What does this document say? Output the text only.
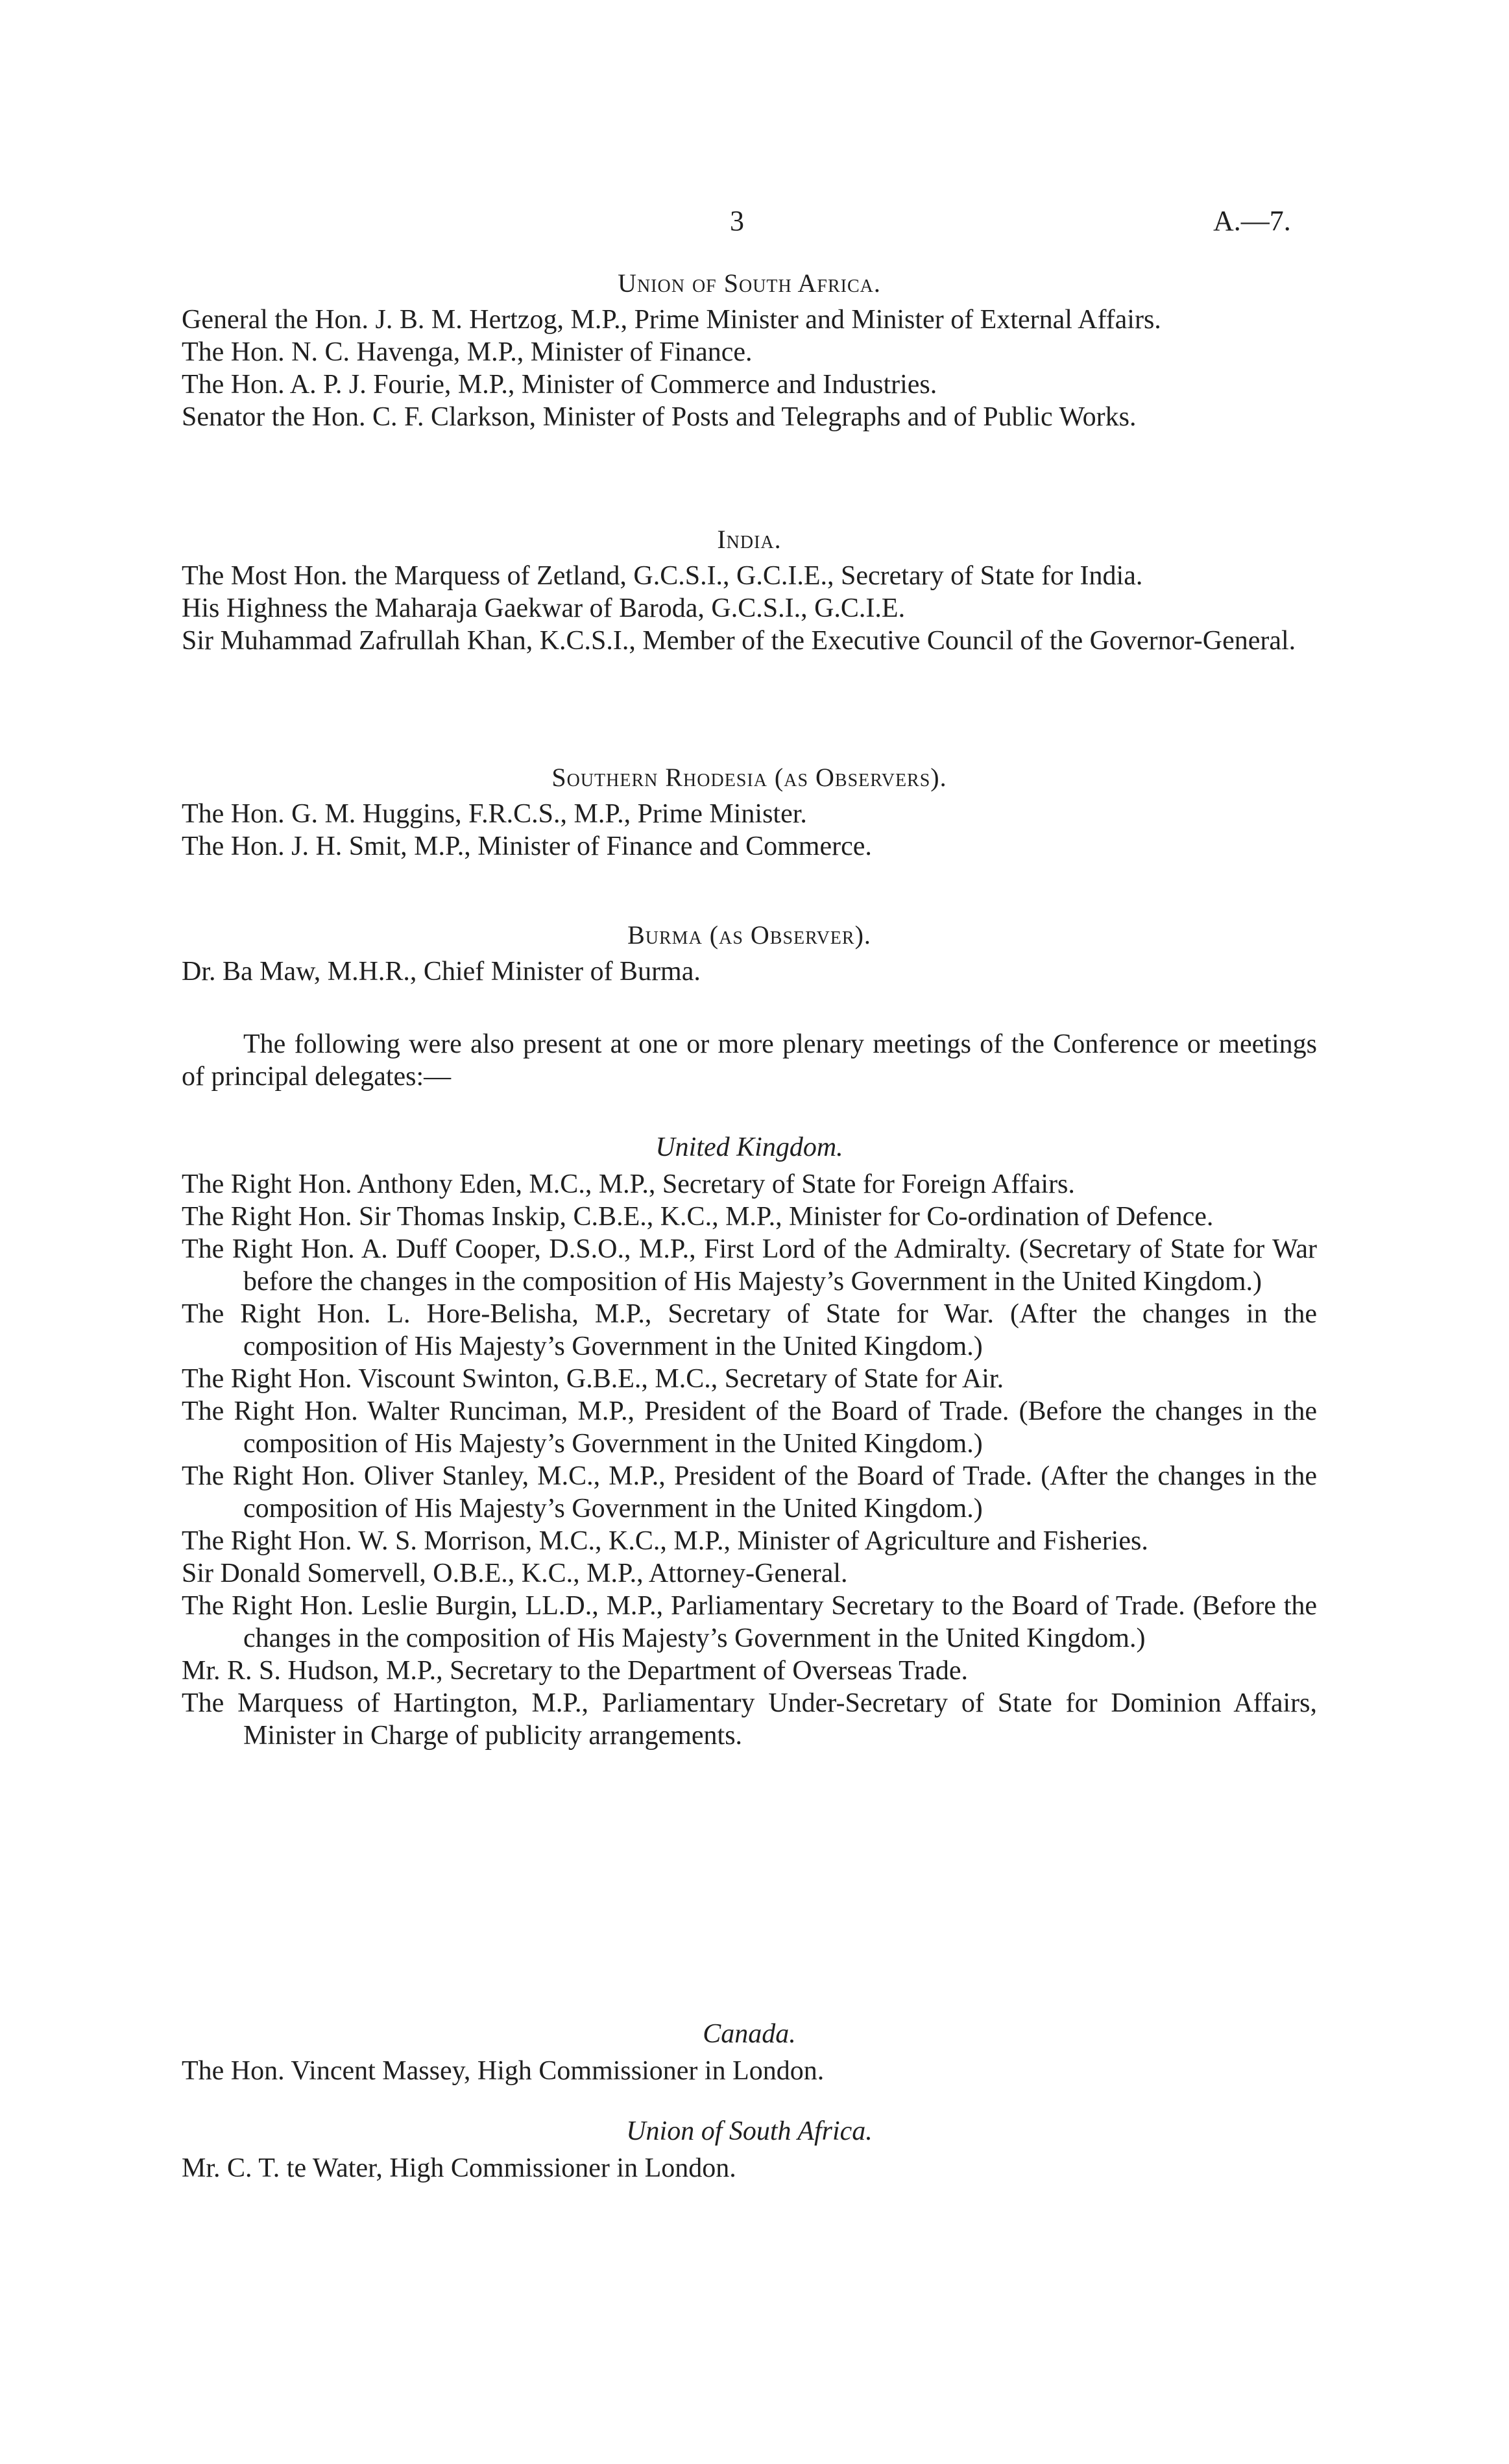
3	A.—7.

Union of South Africa.

General the Hon. J. B. M. Hertzog, M.P., Prime Minister and Minister of External Affairs.

The Hon. N. C. Havenga, M.P., Minister of Finance.

The Hon. A. P. J. Fourie, M.P., Minister of Commerce and Industries.

Senator the Hon. C. F. Clarkson, Minister of Posts and Telegraphs and of Public Works.

India.

The Most Hon. the Marquess of Zetland, G.C.S.I., G.C.I.E., Secretary of State for India.

His Highness the Maharaja Gaekwar of Baroda, G.C.S.I., G.C.I.E.

Sir Muhammad Zafrullah Khan, K.C.S.I., Member of the Executive Council of the Governor-General.

Southern Rhodesia (as Observers).

The Hon. G. M. Huggins, F.R.C.S., M.P., Prime Minister.

The Hon. J. H. Smit, M.P., Minister of Finance and Commerce.

Burma (as Observer).

Dr. Ba Maw, M.H.R., Chief Minister of Burma.

The following were also present at one or more plenary meetings of the Conference or meetings of principal delegates:—

United Kingdom.

The Right Hon. Anthony Eden, M.C., M.P., Secretary of State for Foreign Affairs.

The Right Hon. Sir Thomas Inskip, C.B.E., K.C., M.P., Minister for Co-ordination of Defence.

The Right Hon. A. Duff Cooper, D.S.O., M.P., First Lord of the Admiralty. (Secretary of State for War before the changes in the composition of His Majesty’s Government in the United Kingdom.)

The Right Hon. L. Hore-Belisha, M.P., Secretary of State for War. (After the changes in the composition of His Majesty’s Government in the United Kingdom.)

The Right Hon. Viscount Swinton, G.B.E., M.C., Secretary of State for Air.

The Right Hon. Walter Runciman, M.P., President of the Board of Trade. (Before the changes in the composition of His Majesty’s Government in the United Kingdom.)

The Right Hon. Oliver Stanley, M.C., M.P., President of the Board of Trade. (After the changes in the composition of His Majesty’s Government in the United Kingdom.)

The Right Hon. W. S. Morrison, M.C., K.C., M.P., Minister of Agriculture and Fisheries.

Sir Donald Somervell, O.B.E., K.C., M.P., Attorney-General.

The Right Hon. Leslie Burgin, LL.D., M.P., Parliamentary Secretary to the Board of Trade. (Before the changes in the composition of His Majesty’s Government in the United Kingdom.)

Mr. R. S. Hudson, M.P., Secretary to the Department of Overseas Trade.

The Marquess of Hartington, M.P., Parliamentary Under-Secretary of State for Dominion Affairs, Minister in Charge of publicity arrangements.

Canada.

The Hon. Vincent Massey, High Commissioner in London.

Union of South Africa.

Mr. C. T. te Water, High Commissioner in London.
